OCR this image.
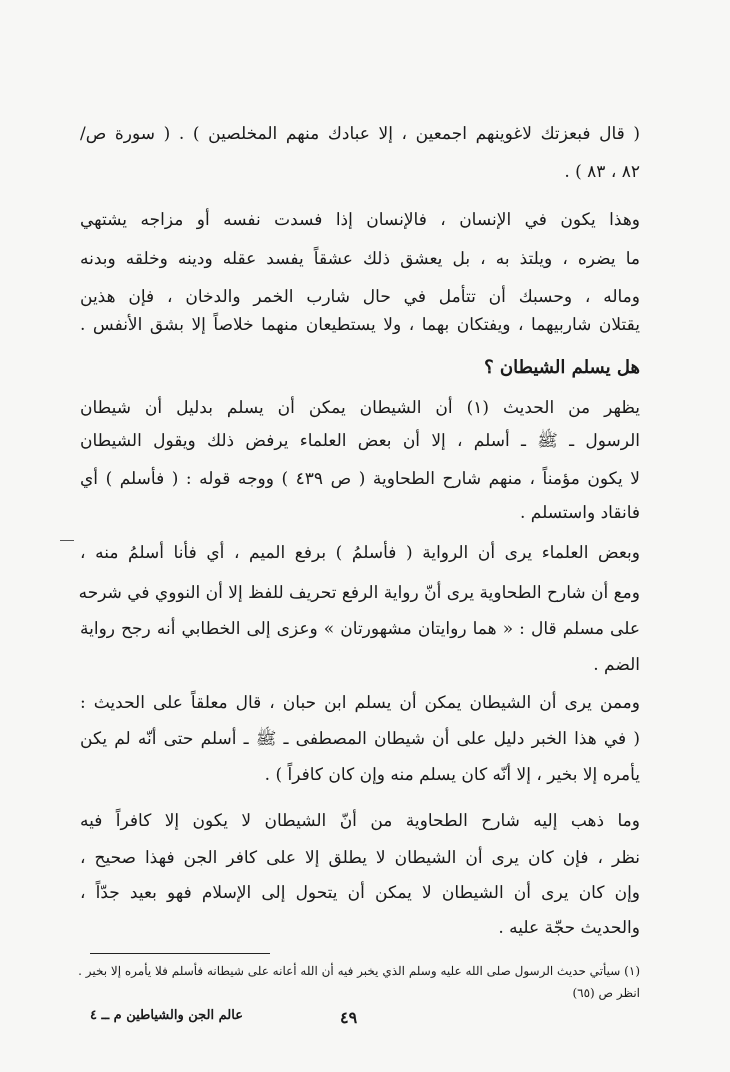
( قال فبعزتك لاغوينهم اجمعين ، إلا عبادك منهم المخلصين ) . ( سورة ص/
٨٢ ، ٨٣ ) .
وهذا يكون في الإنسان ، فالإنسان إذا فسدت نفسه أو مزاجه يشتهي
ما يضره ، ويلتذ به ، بل يعشق ذلك عشقاً يفسد عقله ودينه وخلقه وبدنه
وماله ، وحسبك أن تتأمل في حال شارب الخمر والدخان ، فإن هذين
يقتلان شاربيهما ، ويفتكان بهما ، ولا يستطيعان منهما خلاصاً إلا بشق الأنفس .
هل يسلم الشيطان ؟
يظهر من الحديث (١) أن الشيطان يمكن أن يسلم بدليل أن شيطان
الرسول ـ ﷺ ـ أسلم ، إلا أن بعض العلماء يرفض ذلك ويقول الشيطان
لا يكون مؤمناً ، منهم شارح الطحاوية ( ص ٤٣٩ ) ووجه قوله : ( فأسلم ) أي
فانقاد واستسلم .
وبعض العلماء يرى أن الرواية ( فأسلمُ ) برفع الميم ، أي فأنا أسلمُ منه ،
ومع أن شارح الطحاوية يرى أنّ رواية الرفع تحريف للفظ إلا أن النووي في شرحه
على مسلم قال : « هما روايتان مشهورتان » وعزى إلى الخطابي أنه رجح رواية
الضم .
وممن يرى أن الشيطان يمكن أن يسلم ابن حبان ، قال معلقاً على الحديث :
( في هذا الخبر دليل على أن شيطان المصطفى ـ ﷺ ـ أسلم حتى أنّه لم يكن
يأمره إلا بخير ، إلا أنّه كان يسلم منه وإن كان كافراً ) .
وما ذهب إليه شارح الطحاوية من أنّ الشيطان لا يكون إلا كافراً فيه
نظر ، فإن كان يرى أن الشيطان لا يطلق إلا على كافر الجن فهذا صحيح ،
وإن كان يرى أن الشيطان لا يمكن أن يتحول إلى الإسلام فهو بعيد جدّاً ،
والحديث حجّة عليه .
(١) سيأتي حديث الرسول صلى الله عليه وسلم الذي يخبر فيه أن الله أعانه على شيطانه فأسلم فلا يأمره إلا بخير .
انظر ص (٦٥)
٤٩
عالم الجن والشياطين م ــ ٤
